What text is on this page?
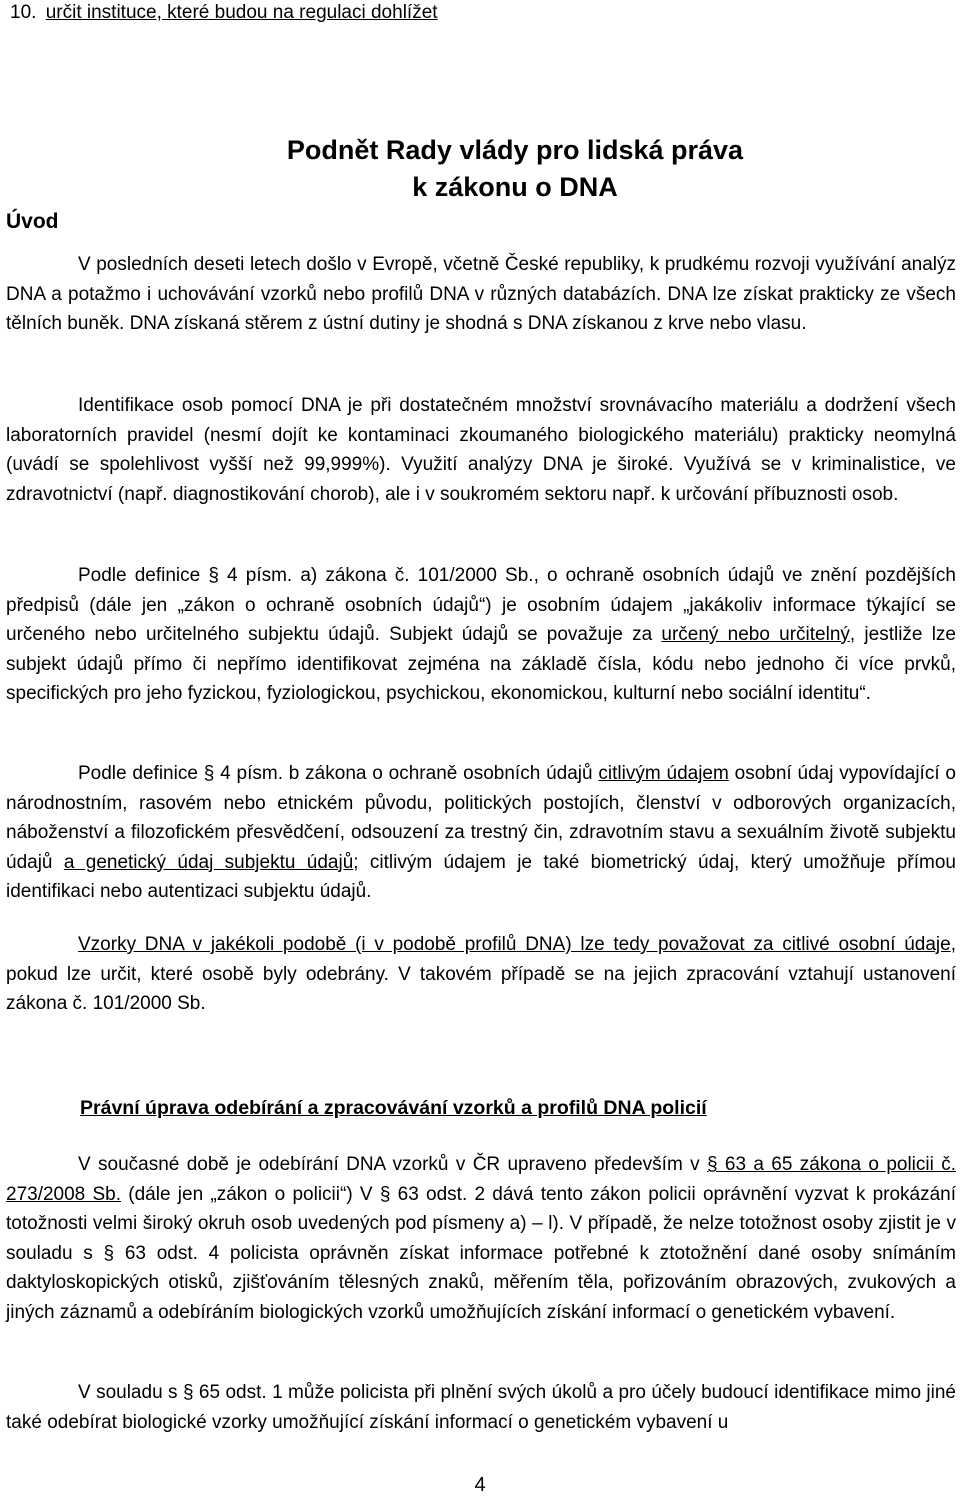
10. určit instituce, které budou na regulaci dohlížet
Podnět Rady vlády pro lidská práva
k zákonu o DNA
Úvod

V posledních deseti letech došlo v Evropě, včetně České republiky, k prudkému rozvoji využívání analýz DNA a potažmo i uchovávání vzorků nebo profilů DNA v různých databázích. DNA lze získat prakticky ze všech tělních buněk. DNA získaná stěrem z ústní dutiny je shodná s DNA získanou z krve nebo vlasu.

Identifikace osob pomocí DNA je při dostatečném množství srovnávacího materiálu a dodržení všech laboratorních pravidel (nesmí dojít ke kontaminaci zkoumaného biologického materiálu) prakticky neomylná (uvádí se spolehlivost vyšší než 99,999%). Využití analýzy DNA je široké. Využívá se v kriminalistice, ve zdravotnictví (např. diagnostikování chorob), ale i v soukromém sektoru např. k určování příbuznosti osob.

Podle definice § 4 písm. a) zákona č. 101/2000 Sb., o ochraně osobních údajů ve znění pozdějších předpisů (dále jen „zákon o ochraně osobních údajů“) je osobním údajem „jakákoliv informace týkající se určeného nebo určitelného subjektu údajů. Subjekt údajů se považuje za určený nebo určitelný, jestliže lze subjekt údajů přímo či nepřímo identifikovat zejména na základě čísla, kódu nebo jednoho či více prvků, specifických pro jeho fyzickou, fyziologickou, psychickou, ekonomickou, kulturní nebo sociální identitu“.

Podle definice § 4 písm. b zákona o ochraně osobních údajů citlivým údajem osobní údaj vypovídající o národnostním, rasovém nebo etnickém původu, politických postojích, členství v odborových organizacích, náboženství a filozofickém přesvědčení, odsouzení za trestný čin, zdravotním stavu a sexuálním životě subjektu údajů a genetický údaj subjektu údajů; citlivým údajem je také biometrický údaj, který umožňuje přímou identifikaci nebo autentizaci subjektu údajů.

Vzorky DNA v jakékoli podobě (i v podobě profilů DNA) lze tedy považovat za citlivé osobní údaje, pokud lze určit, které osobě byly odebrány. V takovém případě se na jejich zpracování vztahují ustanovení zákona č. 101/2000 Sb.

Právní úprava odebírání a zpracovávání vzorků a profilů DNA policií

V současné době je odebírání DNA vzorků v ČR upraveno především v § 63 a 65 zákona o policii č. 273/2008 Sb. (dále jen „zákon o policii“) V § 63 odst. 2 dává tento zákon policii oprávnění vyzvat k prokázání totožnosti velmi široký okruh osob uvedených pod písmeny a) – l). V případě, že nelze totožnost osoby zjistit je v souladu s § 63 odst. 4 policista oprávněn získat informace potřebné k ztotožnění dané osoby snímáním daktyloskopických otisků, zjišťováním tělesných znaků, měřením těla, pořizováním obrazových, zvukových a jiných záznamů a odebíráním biologických vzorků umožňujících získání informací o genetickém vybavení.

V souladu s § 65 odst. 1 může policista při plnění svých úkolů a pro účely budoucí identifikace mimo jiné také odebírat biologické vzorky umožňující získání informací o genetickém vybavení u

4
